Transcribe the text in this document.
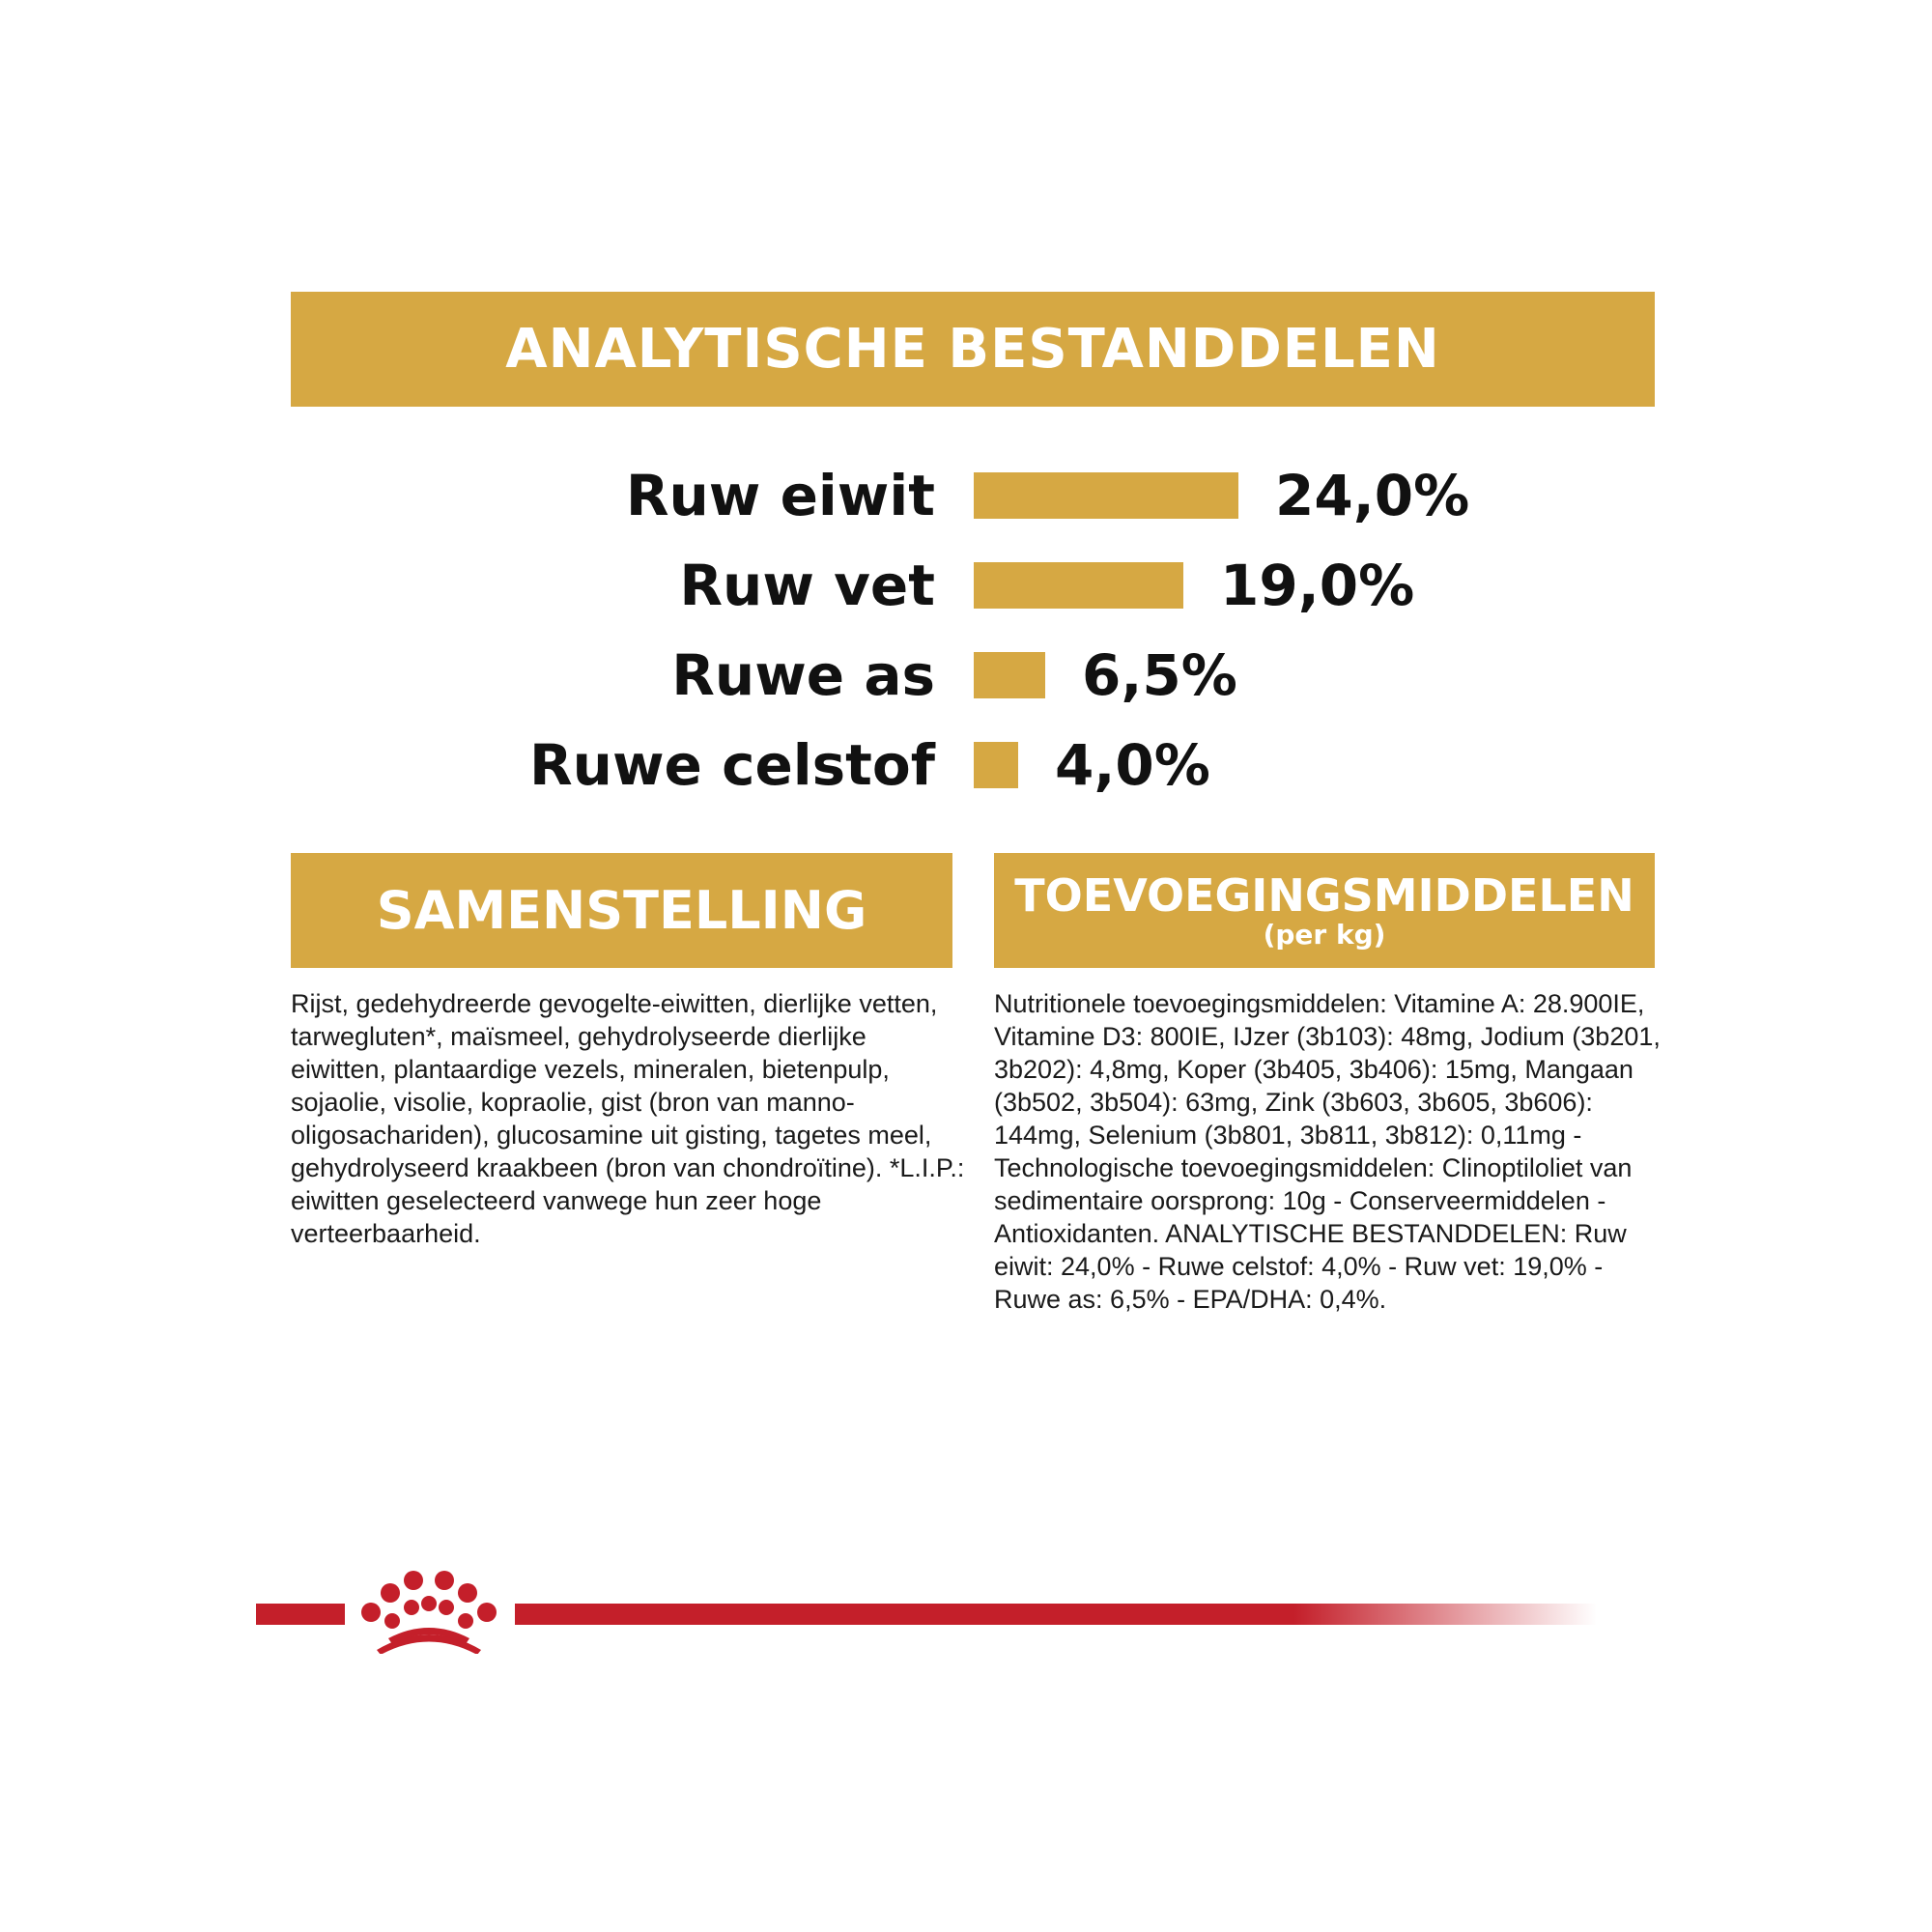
ANALYTISCHE BESTANDDELEN
Ruw eiwit	24,0%
Ruw vet	19,0%
Ruwe as	6,5%
Ruwe celstof 4,0%
SAMENSTELLING	TOEVOEGINGSMIDDELEN
(per kg)

Rijst, gedehydreerde gevogelte-eiwitten, dierlijke vetten, tarwegluten*, maïsmeel, gehydrolyseerde dierlijke eiwitten, plantaardige vezels, mineralen, bietenpulp, sojaolie, visolie, kopraolie, gist (bron van manno-oligosachariden), glucosamine uit gisting, tagetes meel, gehydrolyseerd kraakbeen (bron van chondroïtine). *L.I.P.: eiwitten geselecteerd vanwege hun zeer hoge verteerbaarheid.

Nutritionele toevoegingsmiddelen: Vitamine A: 28.900IE, Vitamine D3: 800IE, IJzer (3b103): 48mg, Jodium (3b201, 3b202): 4,8mg, Koper (3b405, 3b406): 15mg, Mangaan (3b502, 3b504): 63mg, Zink (3b603, 3b605, 3b606): 144mg, Selenium (3b801, 3b811, 3b812): 0,11mg - Technologische toevoegingsmiddelen: Clinoptiloliet van sedimentaire oorsprong: 10g - Conserveermiddelen - Antioxidanten. ANALYTISCHE BESTANDDELEN: Ruw eiwit: 24,0% - Ruwe celstof: 4,0% - Ruw vet: 19,0% - Ruwe as: 6,5% - EPA/DHA: 0,4%.
